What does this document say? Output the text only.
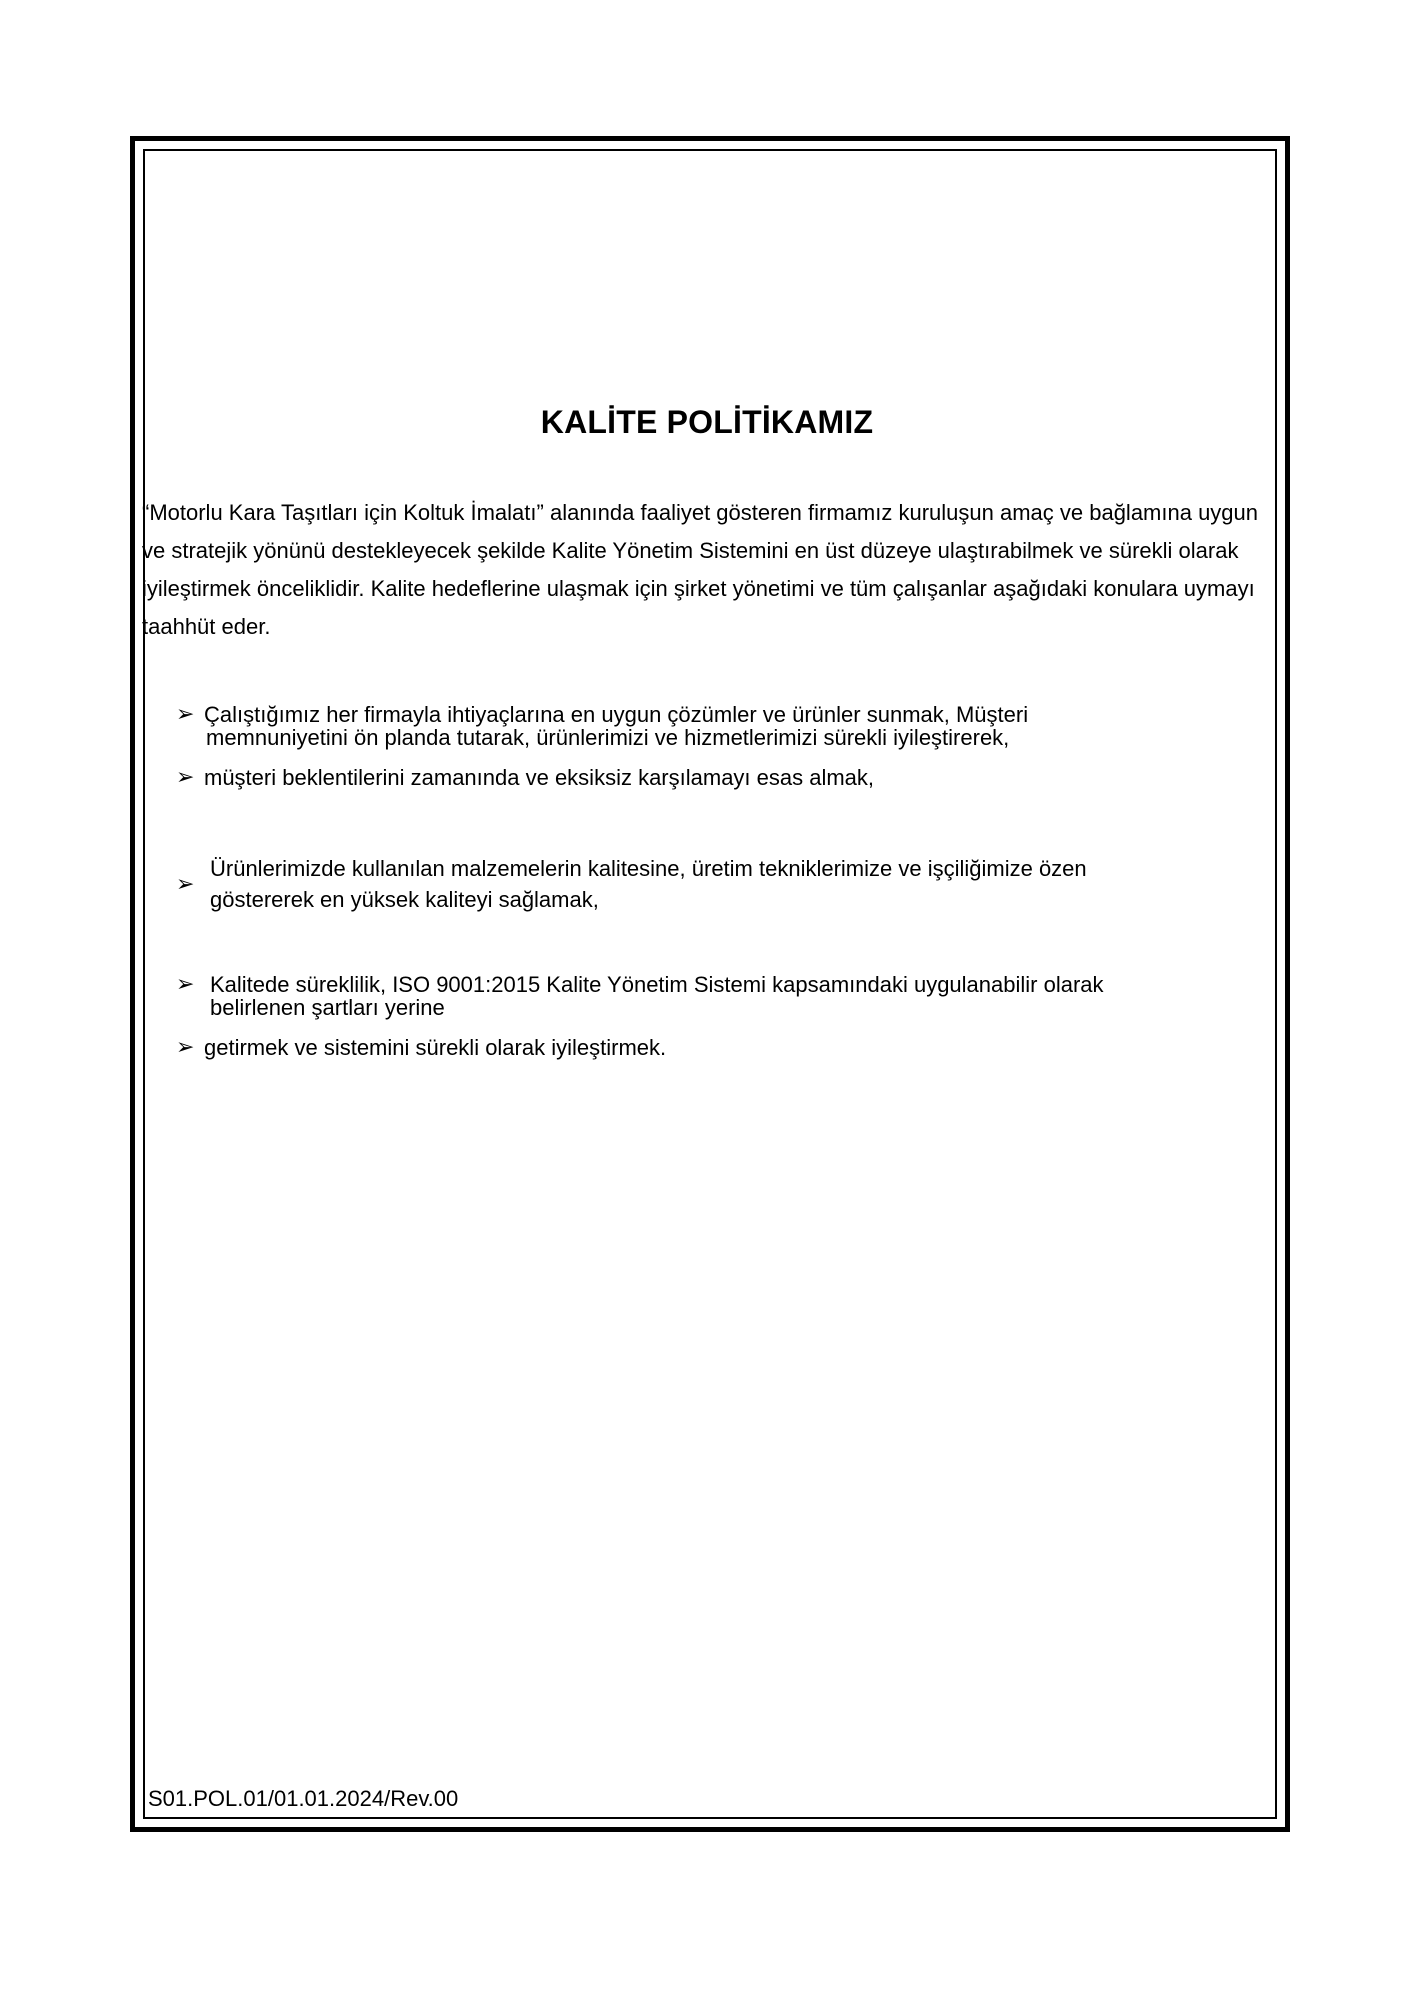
KALİTE POLİTİKAMIZ

“Motorlu Kara Taşıtları için Koltuk İmalatı” alanında faaliyet gösteren firmamız kuruluşun amaç ve bağlamına uygun ve stratejik yönünü destekleyecek şekilde Kalite Yönetim Sistemini en üst düzeye ulaştırabilmek ve sürekli olarak iyileştirmek önceliklidir. Kalite hedeflerine ulaşmak için şirket yönetimi ve tüm çalışanlar aşağıdaki konulara uymayı taahhüt eder.

➢ Çalıştığımız her firmayla ihtiyaçlarına en uygun çözümler ve ürünler sunmak, Müşteri
memnuniyetini ön planda tutarak, ürünlerimizi ve hizmetlerimizi sürekli iyileştirerek,
➢ müşteri beklentilerini zamanında ve eksiksiz karşılamayı esas almak,
➢
Ürünlerimizde kullanılan malzemelerin kalitesine, üretim tekniklerimize ve işçiliğimize özen
göstererek en yüksek kaliteyi sağlamak,
➢ Kalitede süreklilik, ISO 9001:2015 Kalite Yönetim Sistemi kapsamındaki uygulanabilir olarak
belirlenen şartları yerine
➢ getirmek ve sistemini sürekli olarak iyileştirmek.
S01.POL.01/01.01.2024/Rev.00
